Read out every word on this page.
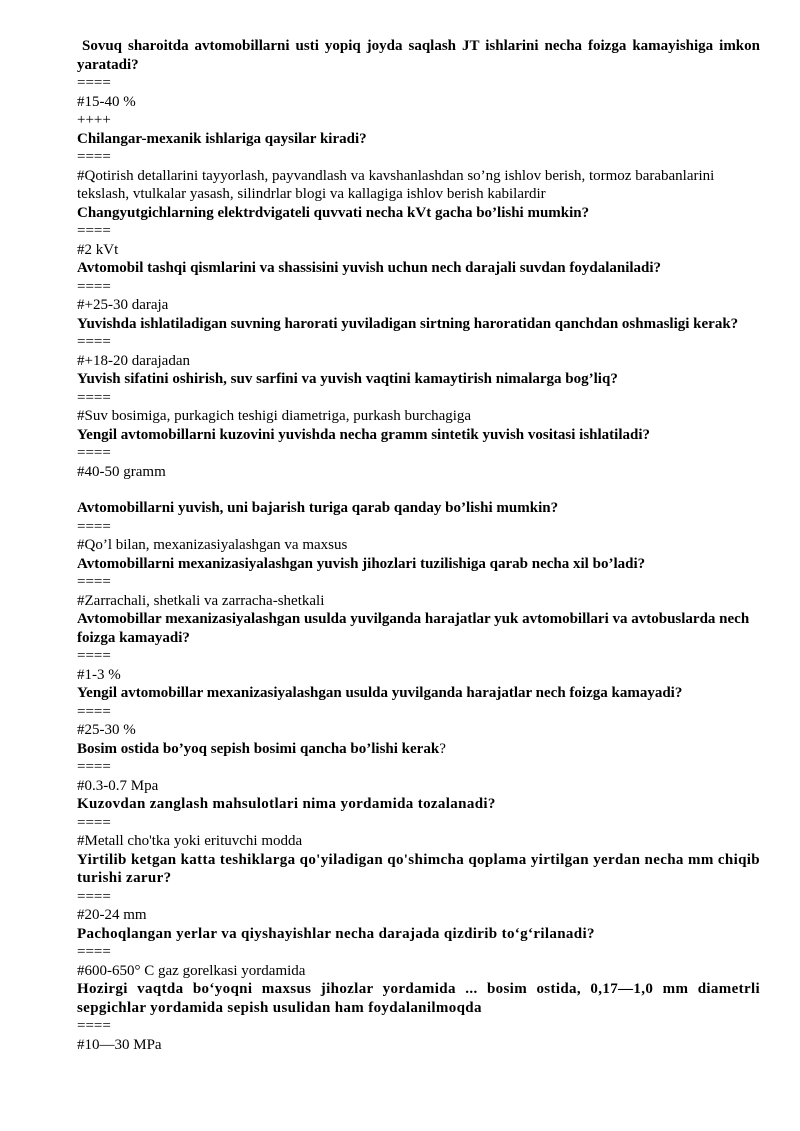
Sovuq sharoitda avtomobillarni usti yopiq joyda saqlash JT ishlarini necha foizga kamayishiga imkon yaratadi?
====
#15-40 %
++++
Chilangar-mexanik ishlariga qaysilar kiradi?
====
#Qotirish detallarini tayyorlash, payvandlash va kavshanlashdan so’ng ishlov berish, tormoz barabanlarini tekslash, vtulkalar yasash, silindrlar blogi va kallagiga ishlov berish kabilardir
Changyutgichlarning elektrdvigateli quvvati necha kVt gacha bo’lishi mumkin?
====
#2 kVt
Avtomobil tashqi qismlarini va shassisini yuvish uchun nech darajali suvdan foydalaniladi?
====
#+25-30 daraja
Yuvishda ishlatiladigan suvning harorati yuviladigan sirtning haroratidan qanchdan oshmasligi kerak?
====
#+18-20 darajadan
Yuvish sifatini oshirish, suv sarfini va yuvish vaqtini kamaytirish nimalarga bog’liq?
====
#Suv bosimiga, purkagich teshigi diametriga, purkash burchagiga
Yengil avtomobillarni kuzovini yuvishda necha gramm sintetik yuvish vositasi ishlatiladi?
====
#40-50 gramm
Avtomobillarni yuvish, uni bajarish turiga qarab qanday bo’lishi mumkin?
====
#Qo’l bilan, mexanizasiyalashgan va maxsus
Avtomobillarni mexanizasiyalashgan yuvish jihozlari tuzilishiga qarab necha xil bo’ladi?
====
#Zarrachali, shetkali va zarracha-shetkali
Avtomobillar mexanizasiyalashgan usulda yuvilganda harajatlar yuk avtomobillari va avtobuslarda nech foizga kamayadi?
====
#1-3 %
Yengil avtomobillar mexanizasiyalashgan usulda yuvilganda harajatlar nech foizga kamayadi?
====
#25-30 %
Bosim ostida bo’yoq sepish bosimi qancha bo’lishi kerak?
====
#0.3-0.7 Mpa
Kuzovdan zanglash mahsulotlari nima yordamida tozalanadi?
====
#Metall cho'tka yoki erituvchi modda
Yirtilib ketgan katta teshiklarga qo'yiladigan qo'shimcha qoplama yirtilgan yerdan necha mm chiqib turishi zarur?
====
#20-24 mm
Pachoqlangan yerlar va qiyshayishlar necha darajada qizdirib to‘g‘rilanadi?
====
#600-650° C gaz gorelkasi yordamida
Hozirgi vaqtda bo‘yoqni maxsus jihozlar yordamida ... bosim ostida, 0,17—1,0 mm diametrli sepgichlar yordamida sepish usulidan ham foydalanilmoqda
====
#10—30 MPa
